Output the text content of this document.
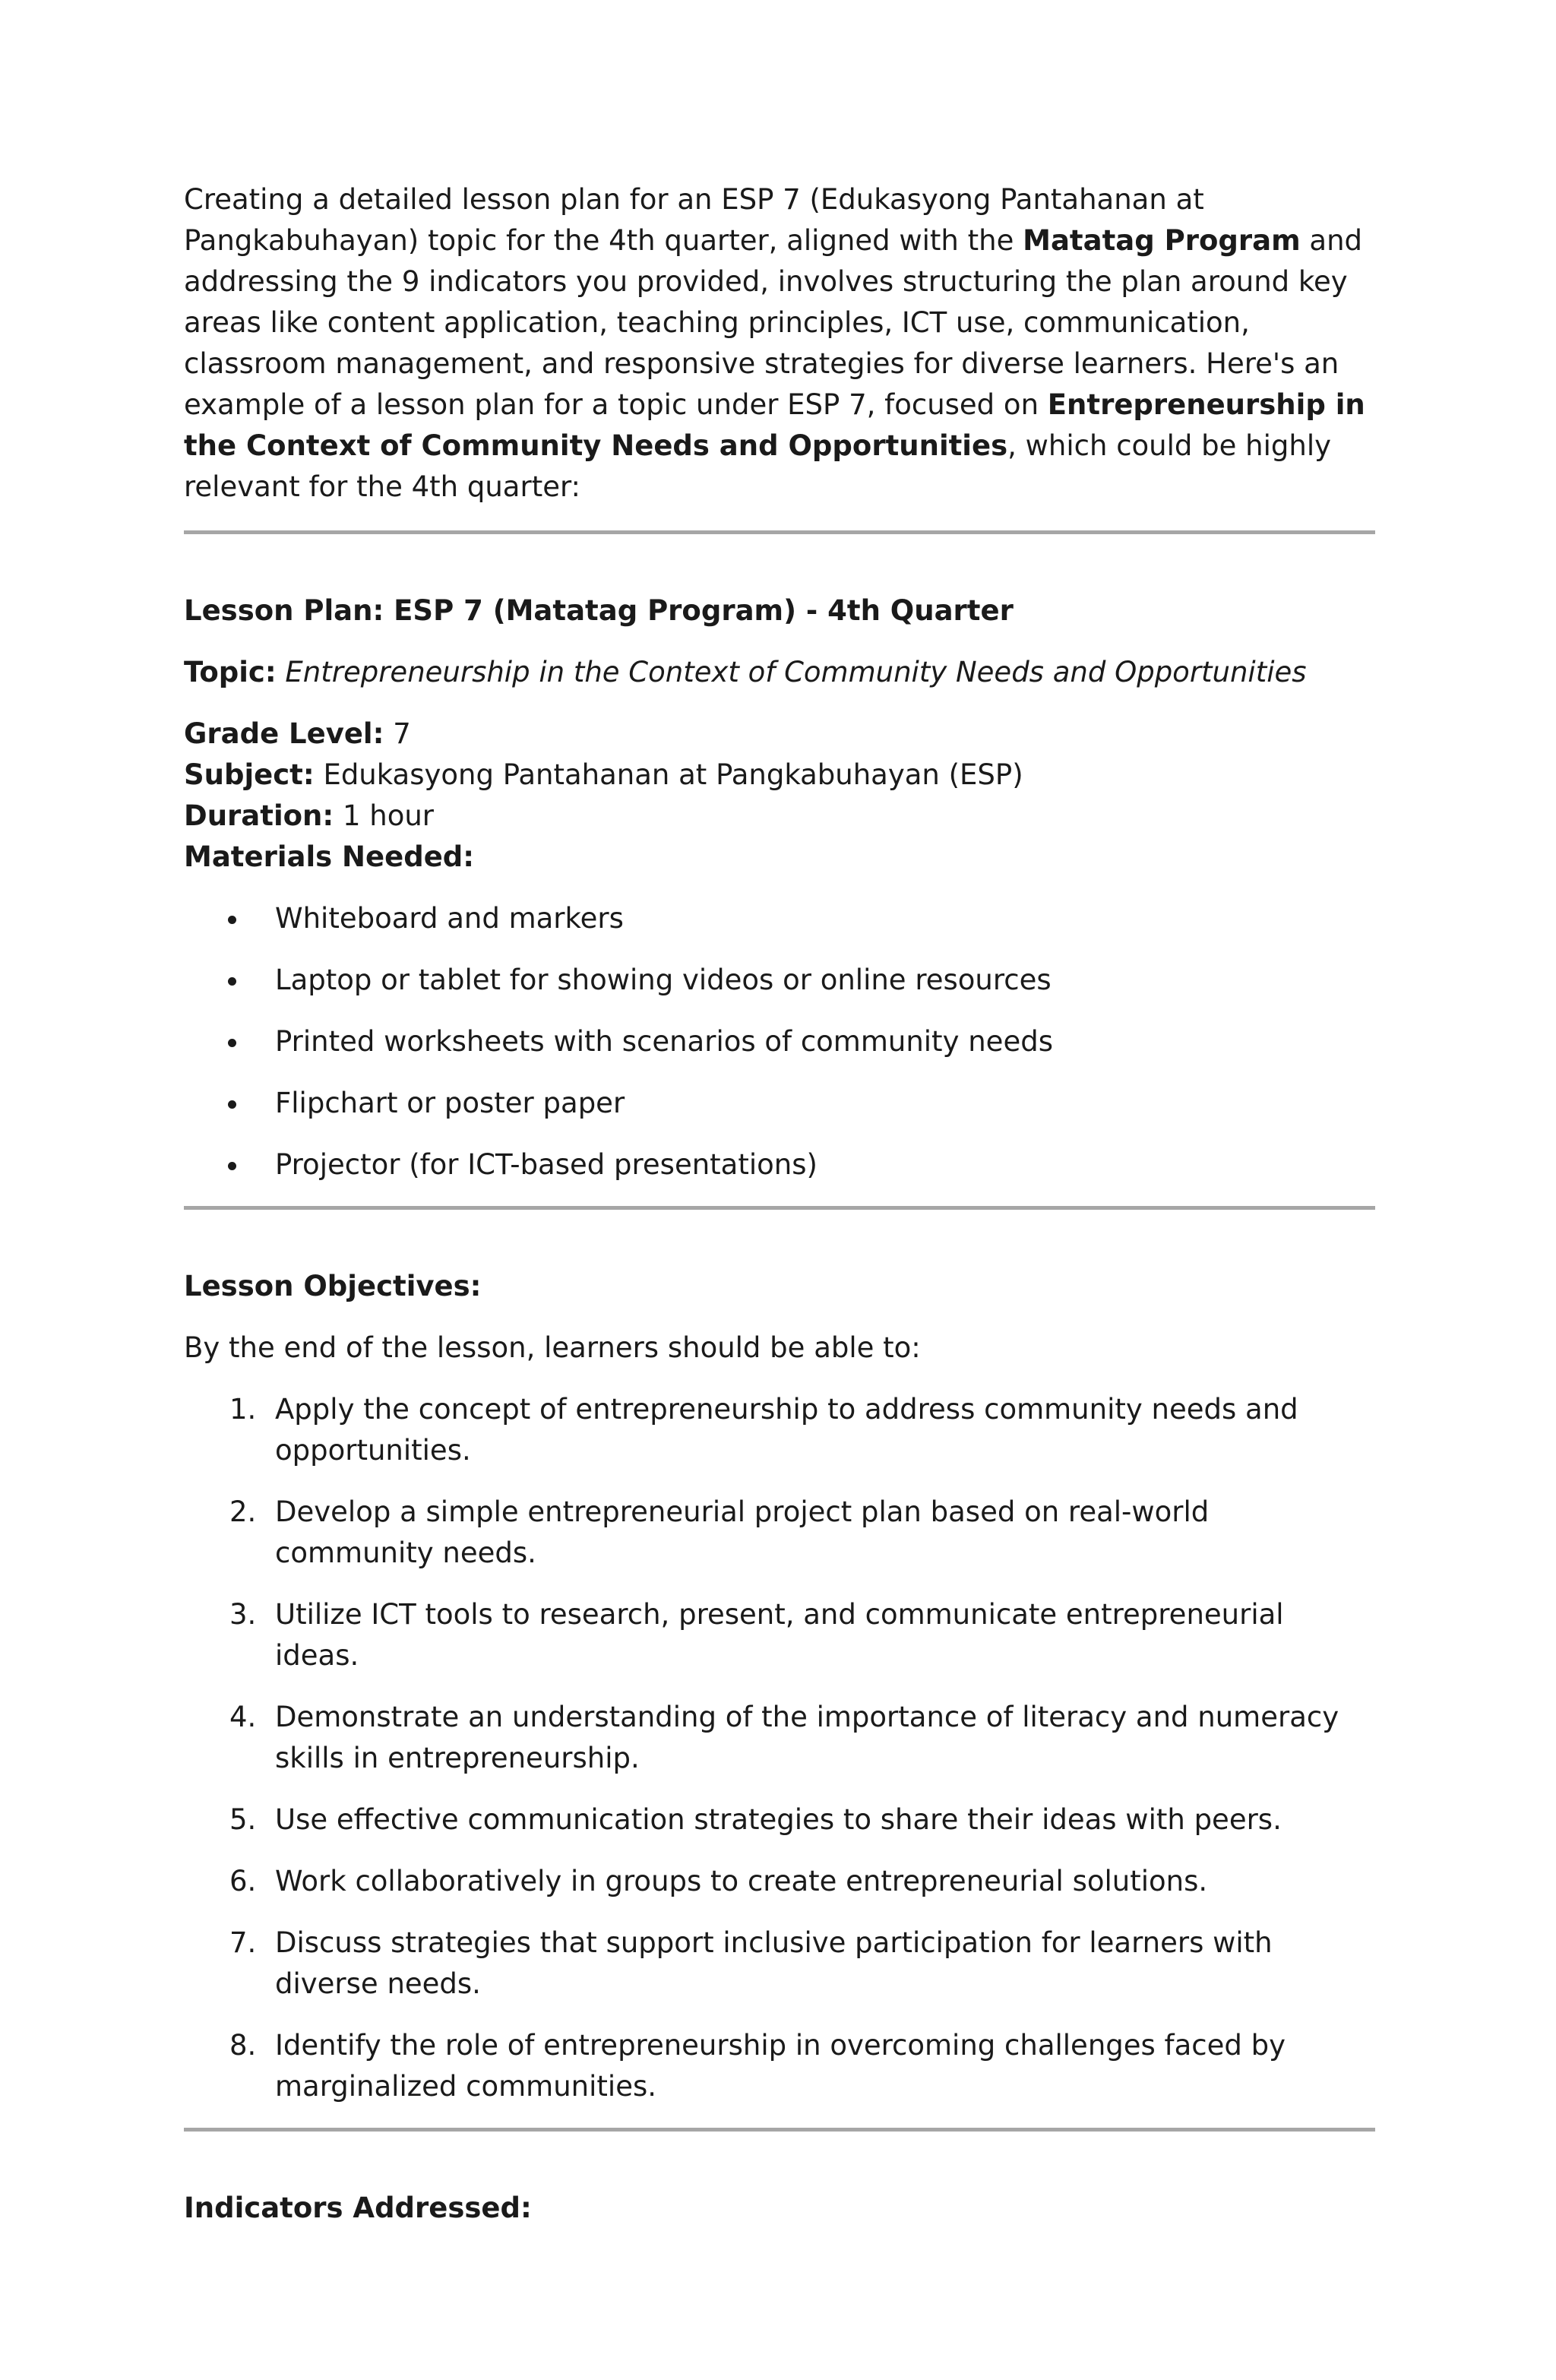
Creating a detailed lesson plan for an ESP 7 (Edukasyong Pantahanan at Pangkabuhayan) topic for the 4th quarter, aligned with the Matatag Program and addressing the 9 indicators you provided, involves structuring the plan around key areas like content application, teaching principles, ICT use, communication, classroom management, and responsive strategies for diverse learners. Here's an example of a lesson plan for a topic under ESP 7, focused on Entrepreneurship in the Context of Community Needs and Opportunities, which could be highly relevant for the 4th quarter:

Lesson Plan: ESP 7 (Matatag Program) - 4th Quarter

Topic: Entrepreneurship in the Context of Community Needs and Opportunities

Grade Level: 7

Subject: Edukasyong Pantahanan at Pangkabuhayan (ESP)

Duration: 1 hour

Materials Needed:

Whiteboard and markers
Laptop or tablet for showing videos or online resources
Printed worksheets with scenarios of community needs
Flipchart or poster paper
Projector (for ICT-based presentations)

Lesson Objectives:

By the end of the lesson, learners should be able to:

1. Apply the concept of entrepreneurship to address community needs and opportunities.
2. Develop a simple entrepreneurial project plan based on real-world community needs.
3. Utilize ICT tools to research, present, and communicate entrepreneurial ideas.
4. Demonstrate an understanding of the importance of literacy and numeracy skills in entrepreneurship.
5. Use effective communication strategies to share their ideas with peers.
6. Work collaboratively in groups to create entrepreneurial solutions.
7. Discuss strategies that support inclusive participation for learners with diverse needs.
8. Identify the role of entrepreneurship in overcoming challenges faced by marginalized communities.

Indicators Addressed:
